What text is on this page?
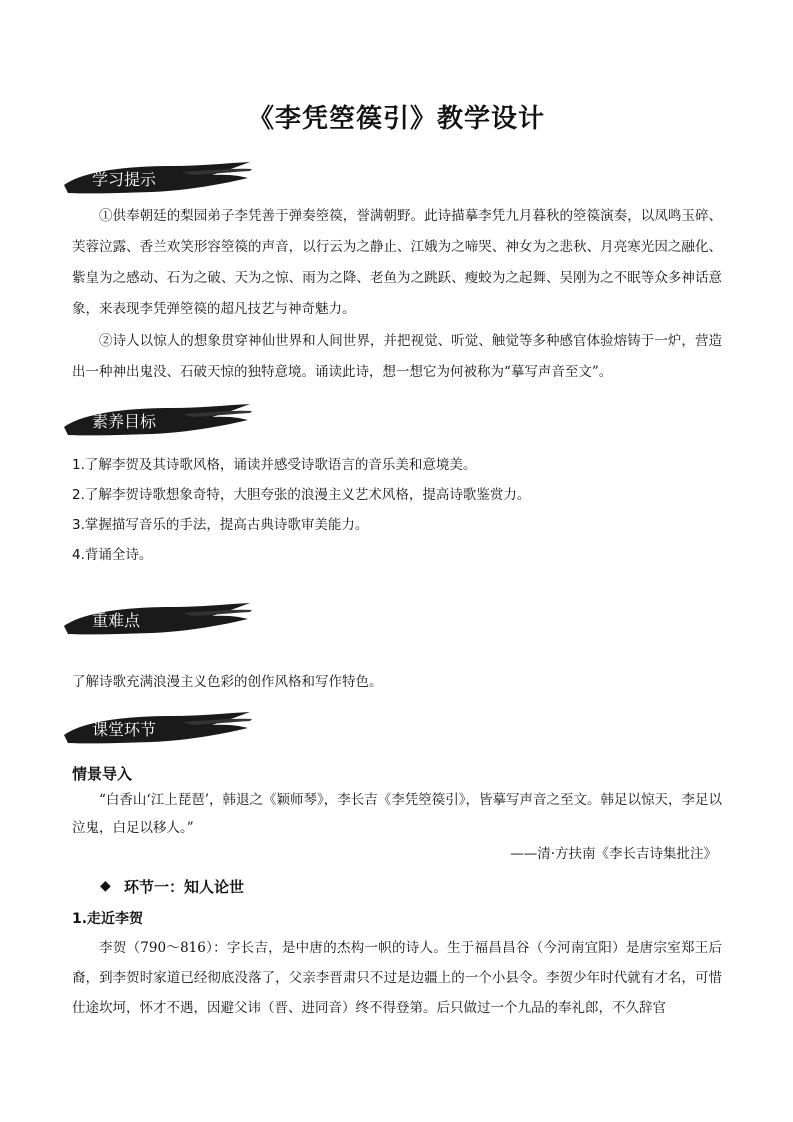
《李凭箜篌引》教学设计
学习提示
①供奉朝廷的梨园弟子李凭善于弹奏箜篌，誉满朝野。此诗描摹李凭九月暮秋的箜篌演奏，以凤鸣玉碎、芙蓉泣露、香兰欢笑形容箜篌的声音，以行云为之静止、江娥为之啼哭、神女为之悲秋、月亮寒光因之融化、紫皇为之感动、石为之破、天为之惊、雨为之降、老鱼为之跳跃、瘦蛟为之起舞、吴刚为之不眠等众多神话意象，来表现李凭弹箜篌的超凡技艺与神奇魅力。
②诗人以惊人的想象贯穿神仙世界和人间世界，并把视觉、听觉、触觉等多种感官体验熔铸于一炉，营造出一种神出鬼没、石破天惊的独特意境。诵读此诗，想一想它为何被称为“摹写声音至文”。
素养目标
1.了解李贺及其诗歌风格，诵读并感受诗歌语言的音乐美和意境美。
2.了解李贺诗歌想象奇特，大胆夸张的浪漫主义艺术风格，提高诗歌鉴赏力。
3.掌握描写音乐的手法，提高古典诗歌审美能力。
4.背诵全诗。
重难点
了解诗歌充满浪漫主义色彩的创作风格和写作特色。
课堂环节
情景导入
“白香山‘江上琵琶’，韩退之《颖师琴》，李长吉《李凭箜篌引》，皆摹写声音之至文。韩足以惊天，李足以泣鬼，白足以移人。”
——清·方扶南《李长吉诗集批注》
◆ 环节一：知人论世
1.走近李贺
李贺（790～816）：字长吉，是中唐的杰构一帜的诗人。生于福昌昌谷（今河南宜阳）是唐宗室郑王后裔，到李贺时家道已经彻底没落了，父亲李晋肃只不过是边疆上的一个小县令。李贺少年时代就有才名，可惜仕途坎坷，怀才不遇，因避父讳（晋、进同音）终不得登第。后只做过一个九品的奉礼郎，不久辞官
